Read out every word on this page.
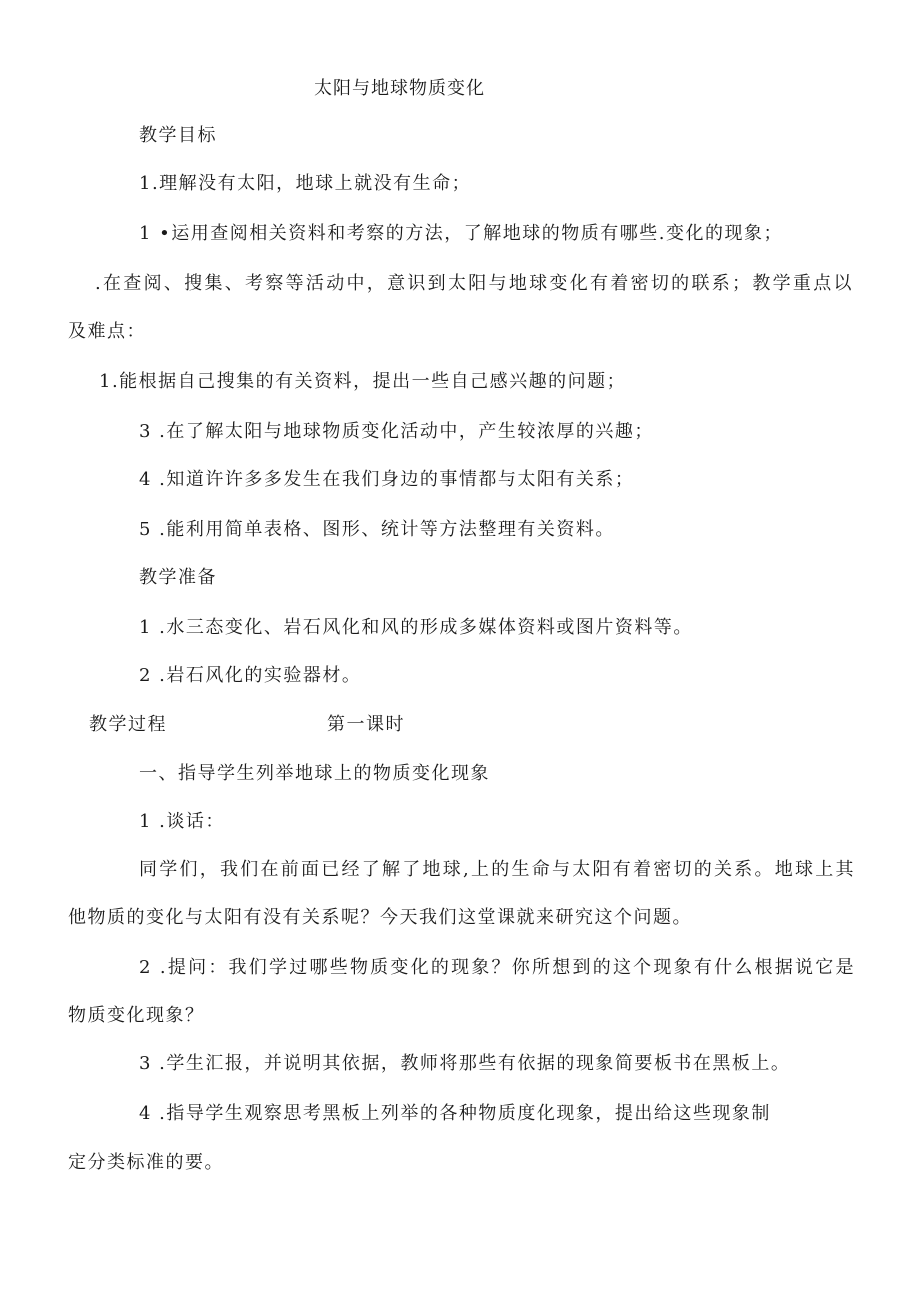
太阳与地球物质变化

教学目标

1.理解没有太阳，地球上就没有生命；

1 •运用查阅相关资料和考察的方法，了解地球的物质有哪些.变化的现象；

.在查阅、搜集、考察等活动中，意识到太阳与地球变化有着密切的联系；教学重点以

及难点：

1.能根据自己搜集的有关资料，提出一些自己感兴趣的问题；

3 .在了解太阳与地球物质变化活动中，产生较浓厚的兴趣；

4 .知道许许多多发生在我们身边的事情都与太阳有关系；

5 .能利用简单表格、图形、统计等方法整理有关资料。

教学准备

1 .水三态变化、岩石风化和风的形成多媒体资料或图片资料等。

2 .岩石风化的实验器材。

教学过程	第一课时

一、指导学生列举地球上的物质变化现象

1 .谈话：

同学们，我们在前面已经了解了地球,上的生命与太阳有着密切的关系。地球上其

他物质的变化与太阳有没有关系呢？今天我们这堂课就来研究这个问题。

2 .提问：我们学过哪些物质变化的现象？你所想到的这个现象有什么根据说它是

物质变化现象？

3 .学生汇报，并说明其依据，教师将那些有依据的现象简要板书在黑板上。

4 .指导学生观察思考黑板上列举的各种物质度化现象，提出给这些现象制

定分类标准的要。
